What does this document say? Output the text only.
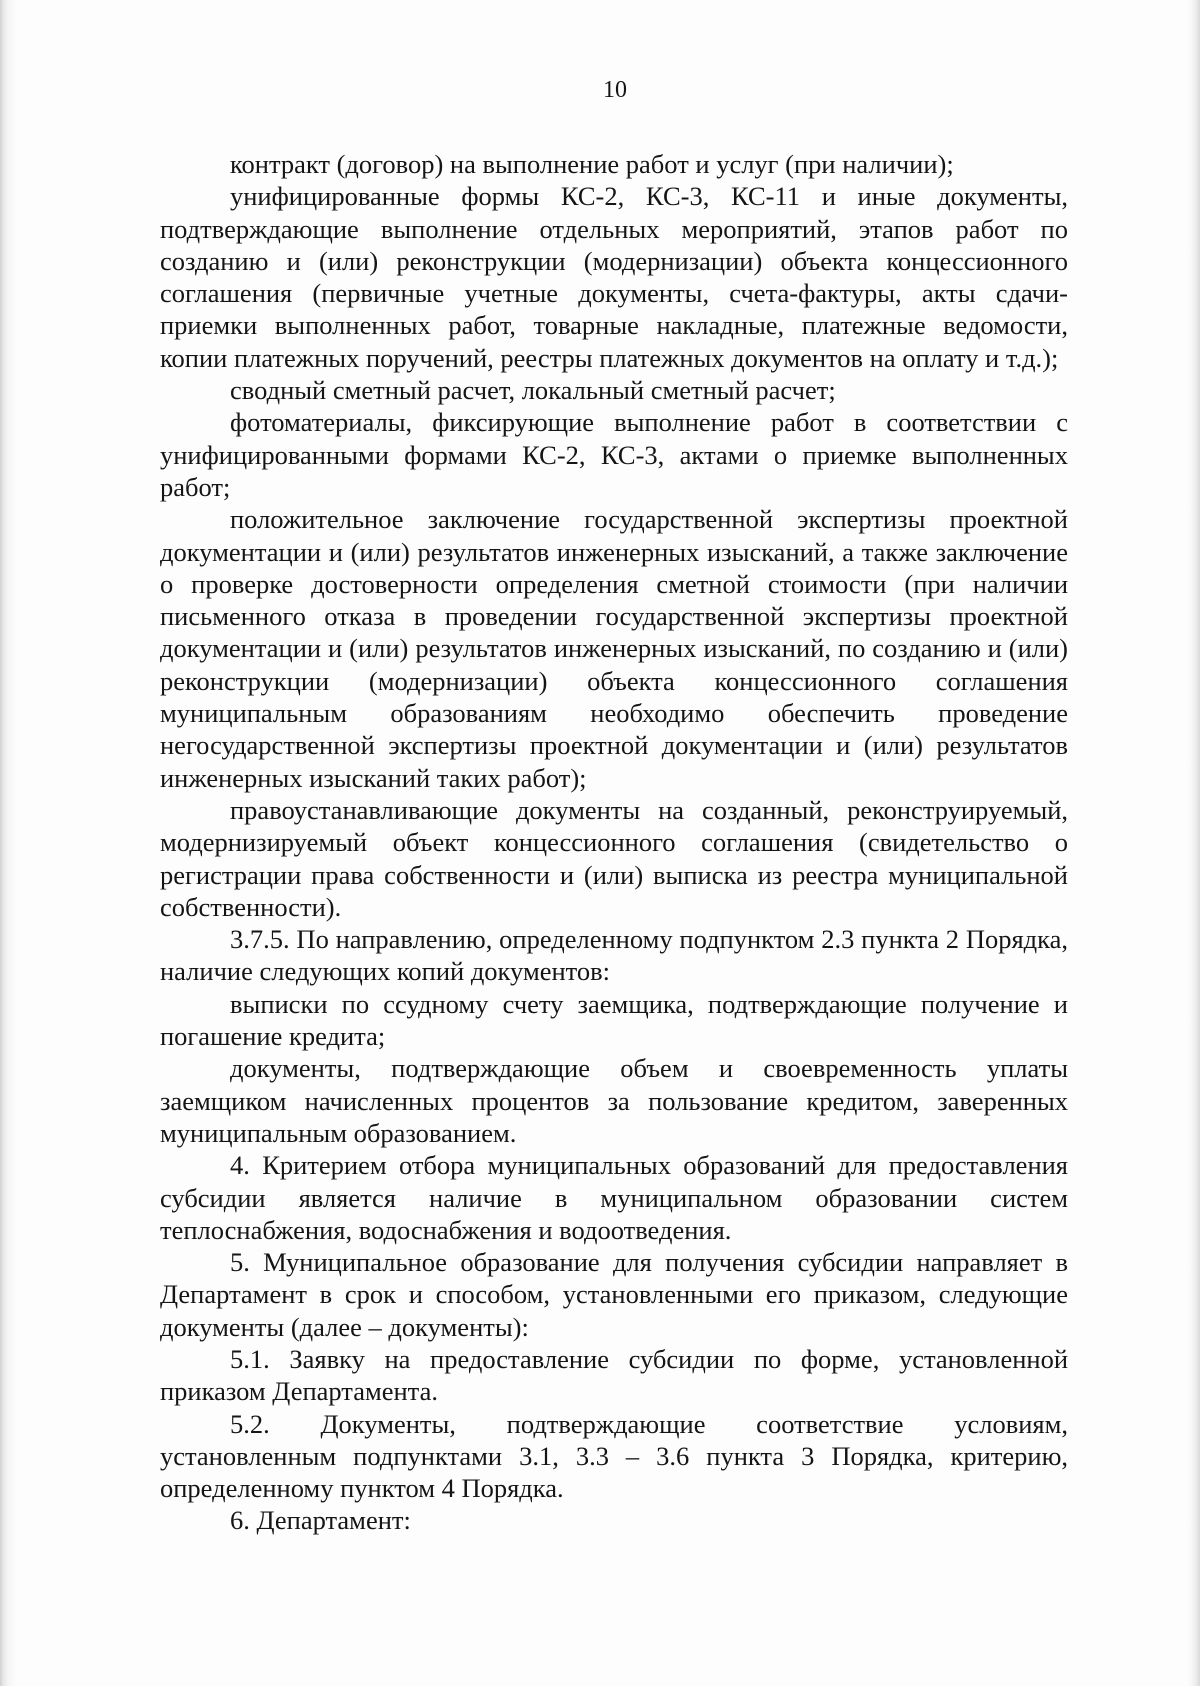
10

контракт (договор) на выполнение работ и услуг (при наличии);

унифицированные формы КС-2, КС-3, КС-11 и иные документы, подтверждающие выполнение отдельных мероприятий, этапов работ по созданию и (или) реконструкции (модернизации) объекта концессионного соглашения (первичные учетные документы, счета-фактуры, акты сдачи-приемки выполненных работ, товарные накладные, платежные ведомости, копии платежных поручений, реестры платежных документов на оплату и т.д.);

сводный сметный расчет, локальный сметный расчет;

фотоматериалы, фиксирующие выполнение работ в соответствии с унифицированными формами КС-2, КС-3, актами о приемке выполненных работ;

положительное заключение государственной экспертизы проектной документации и (или) результатов инженерных изысканий, а также заключение о проверке достоверности определения сметной стоимости (при наличии письменного отказа в проведении государственной экспертизы проектной документации и (или) результатов инженерных изысканий, по созданию и (или) реконструкции (модернизации) объекта концессионного соглашения муниципальным образованиям необходимо обеспечить проведение негосударственной экспертизы проектной документации и (или) результатов инженерных изысканий таких работ);

правоустанавливающие документы на созданный, реконструируемый, модернизируемый объект концессионного соглашения (свидетельство о регистрации права собственности и (или) выписка из реестра муниципальной собственности).

3.7.5. По направлению, определенному подпунктом 2.3 пункта 2 Порядка, наличие следующих копий документов:

выписки по ссудному счету заемщика, подтверждающие получение и погашение кредита;

документы, подтверждающие объем и своевременность уплаты заемщиком начисленных процентов за пользование кредитом, заверенных муниципальным образованием.

4. Критерием отбора муниципальных образований для предоставления субсидии является наличие в муниципальном образовании систем теплоснабжения, водоснабжения и водоотведения.

5. Муниципальное образование для получения субсидии направляет в Департамент в срок и способом, установленными его приказом, следующие документы (далее – документы):

5.1. Заявку на предоставление субсидии по форме, установленной приказом Департамента.

5.2. Документы, подтверждающие соответствие условиям, установленным подпунктами 3.1, 3.3 – 3.6 пункта 3 Порядка, критерию, определенному пунктом 4 Порядка.

6. Департамент:
